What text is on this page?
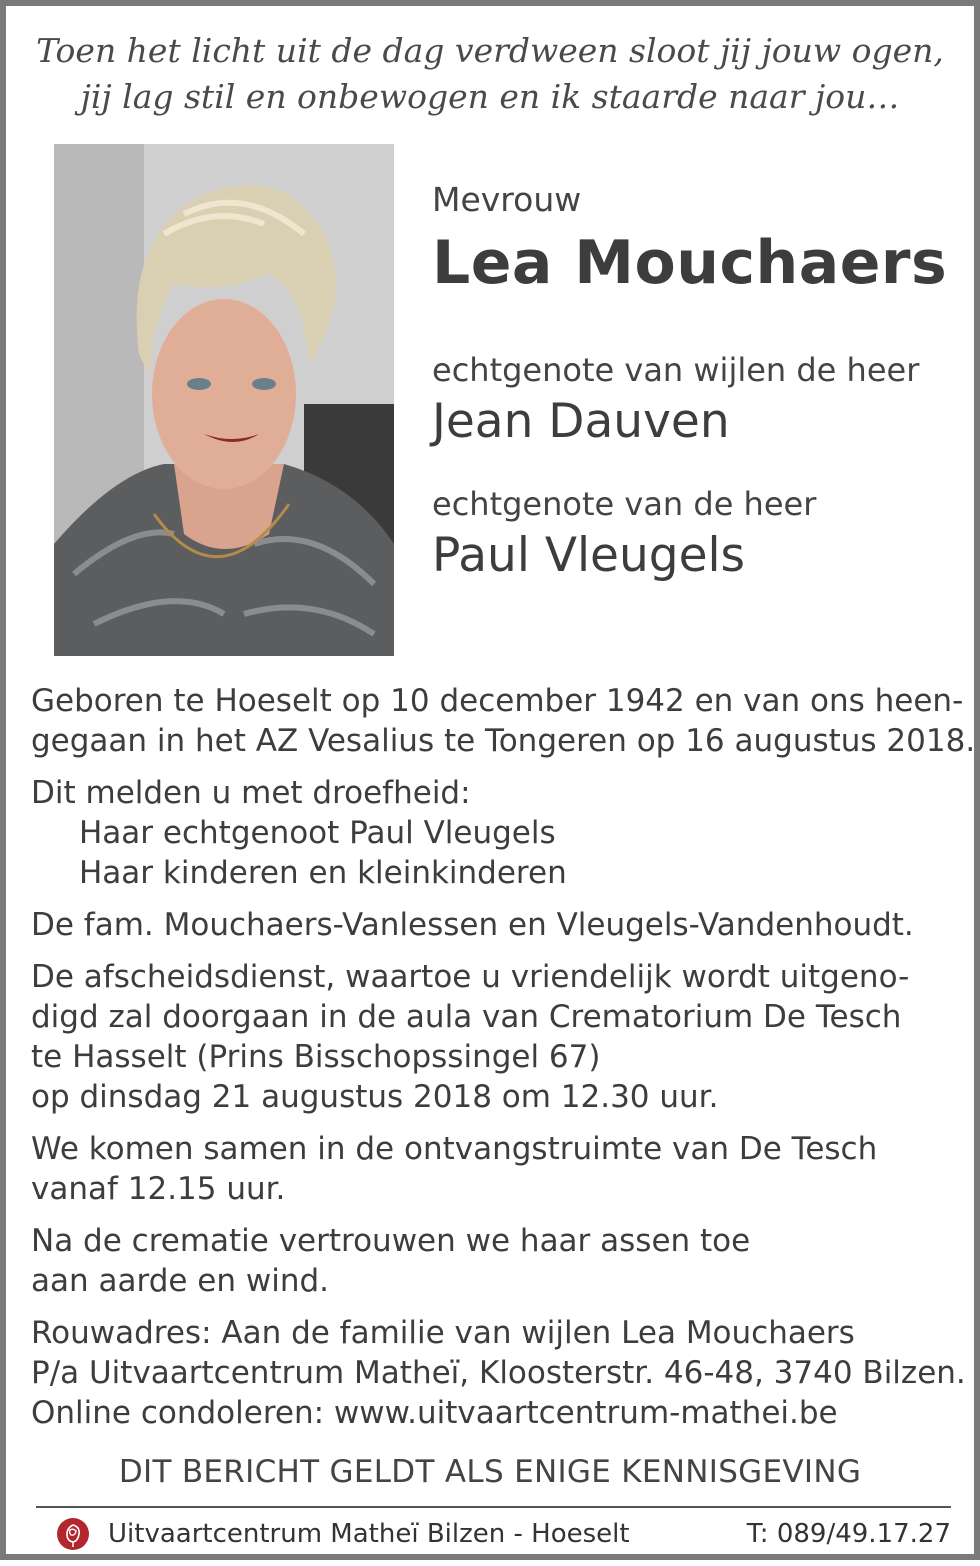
Toen het licht uit de dag verdween sloot jij jouw ogen,
jij lag stil en onbewogen en ik staarde naar jou…
Mevrouw
Lea Mouchaers
echtgenote van wijlen de heer
Jean Dauven
echtgenote van de heer
Paul Vleugels
Geboren te Hoeselt op 10 december 1942 en van ons heen-
gegaan in het AZ Vesalius te Tongeren op 16 augustus 2018.
Dit melden u met droefheid:
Haar echtgenoot Paul Vleugels
Haar kinderen en kleinkinderen
De fam. Mouchaers-Vanlessen en Vleugels-Vandenhoudt.
De afscheidsdienst, waartoe u vriendelijk wordt uitgeno-
digd zal doorgaan in de aula van Crematorium De Tesch
te Hasselt (Prins Bisschopssingel 67)
op dinsdag 21 augustus 2018 om 12.30 uur.
We komen samen in de ontvangstruimte van De Tesch
vanaf 12.15 uur.
Na de crematie vertrouwen we haar assen toe
aan aarde en wind.
Rouwadres: Aan de familie van wijlen Lea Mouchaers
P/a Uitvaartcentrum Matheï, Kloosterstr. 46-48, 3740 Bilzen.
Online condoleren: www.uitvaartcentrum-mathei.be
DIT BERICHT GELDT ALS ENIGE KENNISGEVING
Uitvaartcentrum Matheï Bilzen - Hoeselt	T: 089/49.17.27
